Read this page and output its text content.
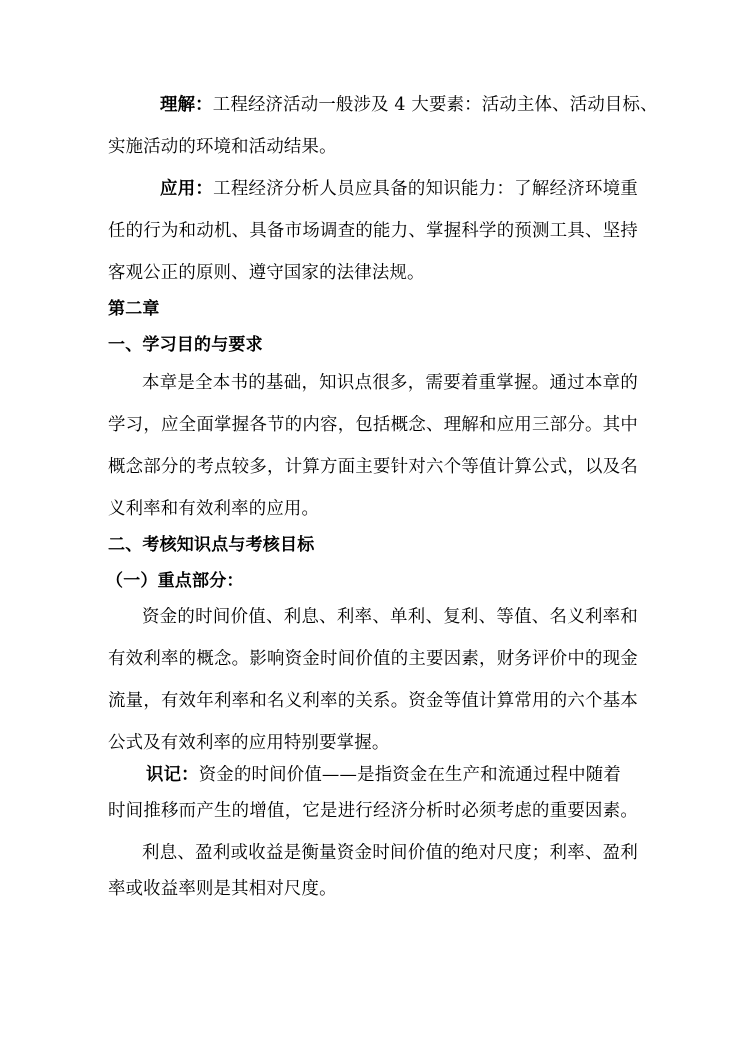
理解：工程经济活动一般涉及 4 大要素：活动主体、活动目标、
实施活动的环境和活动结果。
应用：工程经济分析人员应具备的知识能力：了解经济环境重
任的行为和动机、具备市场调查的能力、掌握科学的预测工具、坚持
客观公正的原则、遵守国家的法律法规。
第二章
一、学习目的与要求
本章是全本书的基础，知识点很多，需要着重掌握。通过本章的
学习，应全面掌握各节的内容，包括概念、理解和应用三部分。其中
概念部分的考点较多，计算方面主要针对六个等值计算公式，以及名
义利率和有效利率的应用。
二、考核知识点与考核目标
（一）重点部分：
资金的时间价值、利息、利率、单利、复利、等值、名义利率和
有效利率的概念。影响资金时间价值的主要因素，财务评价中的现金
流量，有效年利率和名义利率的关系。资金等值计算常用的六个基本
公式及有效利率的应用特别要掌握。
识记：资金的时间价值——是指资金在生产和流通过程中随着
时间推移而产生的增值，它是进行经济分析时必须考虑的重要因素。
利息、盈利或收益是衡量资金时间价值的绝对尺度；利率、盈利
率或收益率则是其相对尺度。
